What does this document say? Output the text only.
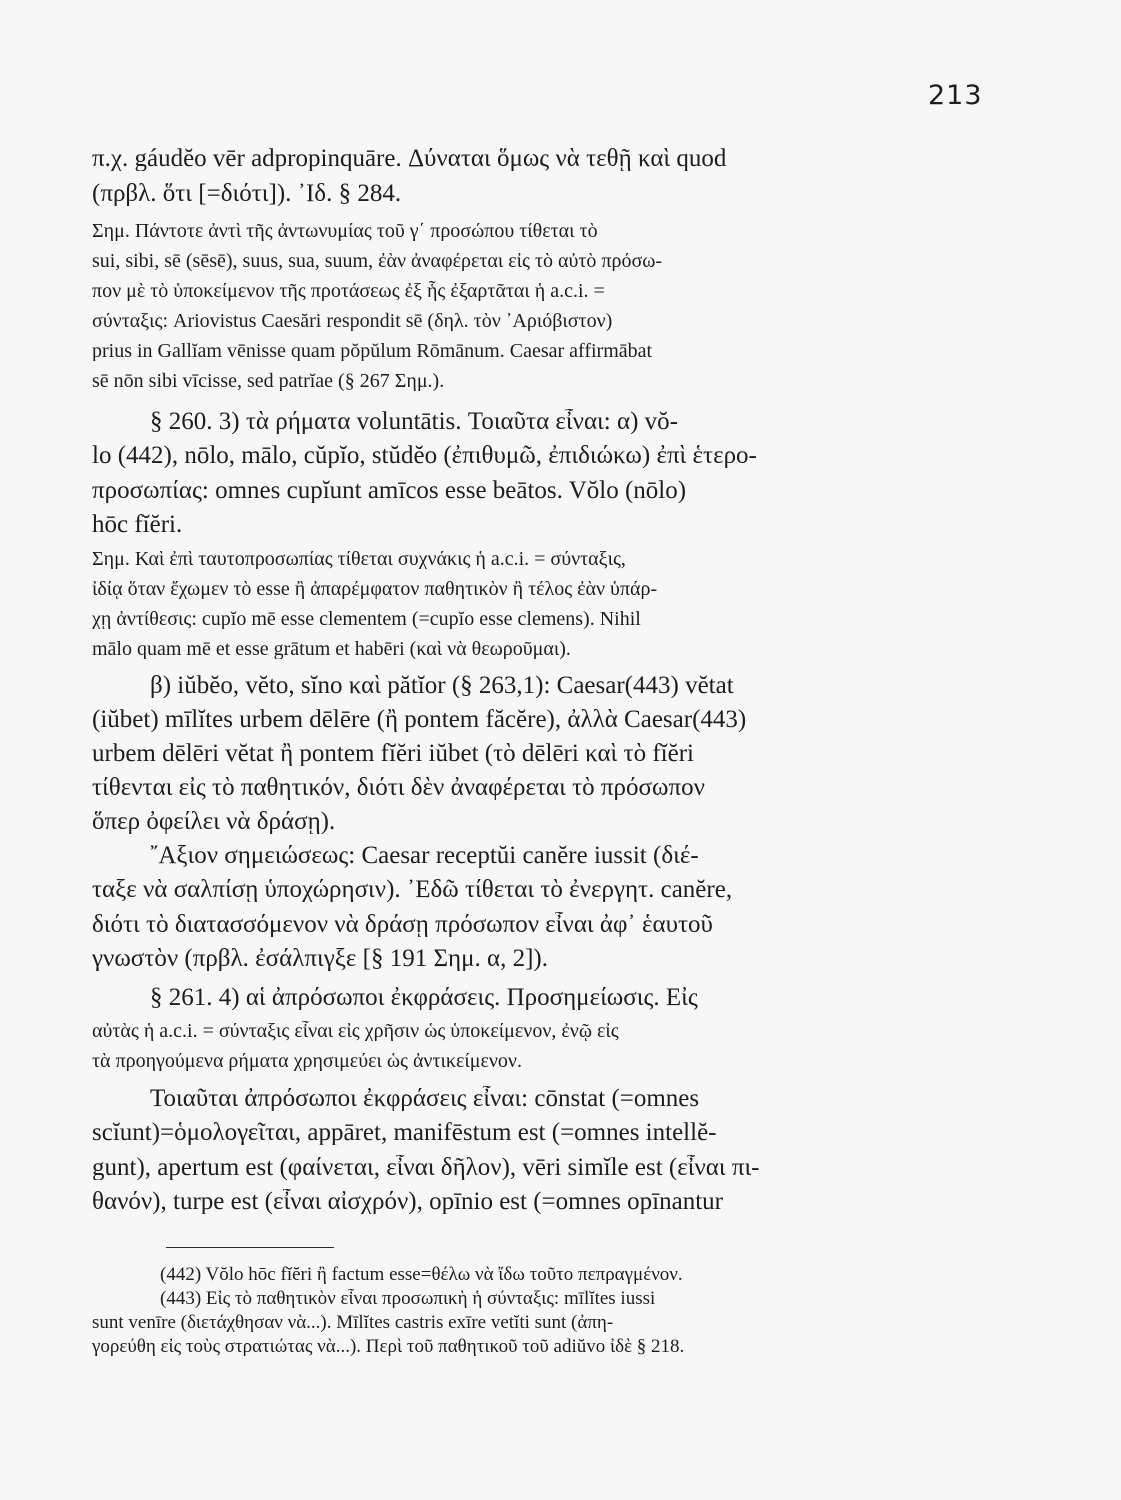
213
π.χ. gáudĕo vēr adpropinquāre. Δύναται ὅμως νὰ τεθῇ καὶ quod
(πρβλ. ὅτι [=διότι]). ᾿Ιδ. § 284.
Σημ. Πάντοτε ἀντὶ τῆς ἀντωνυμίας τοῦ γ΄ προσώπου τίθεται τὸ
sui, sibi, sē (sēsē), suus, sua, suum, ἐὰν ἀναφέρεται εἰς τὸ αὐτὸ πρόσω-
πον μὲ τὸ ὑποκείμενον τῆς προτάσεως ἐξ ἧς ἐξαρτᾶται ἡ a.c.i. =
σύνταξις: Ariovistus Caesări respondit sē (δηλ. τὸν ᾿Αριόβιστον)
prius in Gallĭam vēnisse quam pŏpŭlum Rōmānum. Caesar affirmābat
sē nōn sibi vīcisse, sed patrĭae (§ 267 Σημ.).
§ 260. 3) τὰ ρήματα voluntātis. Τοιαῦτα εἶναι: α) vŏ-
lo (442), nōlo, mālo, cŭpĭo, stŭdĕo (ἐπιθυμῶ, ἐπιδιώκω) ἐπὶ ἑτερο-
προσωπίας: omnes cupĭunt amīcos esse beātos. Vŏlo (nōlo)
hōc fĭĕri.
Σημ. Καὶ ἐπὶ ταυτοπροσωπίας τίθεται συχνάκις ἡ a.c.i. = σύνταξις,
ἰδίᾳ ὅταν ἔχωμεν τὸ esse ἢ ἀπαρέμφατον παθητικὸν ἢ τέλος ἐὰν ὑπάρ-
χῃ ἀντίθεσις: cupĭo mē esse clementem (=cupĭo esse clemens). Nihil
mālo quam mē et esse grātum et habēri (καὶ νὰ θεωροῦμαι).
β) iŭbĕo, vĕto, sĭno καὶ pătĭor (§ 263,1): Caesar(443) vĕtat
(iŭbet) mīlĭtes urbem dēlēre (ἢ pontem făcĕre), ἀλλὰ Caesar(443)
urbem dēlēri vĕtat ἢ pontem fĭĕri iŭbet (τὸ dēlēri καὶ τὸ fĭĕri
τίθενται εἰς τὸ παθητικόν, διότι δὲν ἀναφέρεται τὸ πρόσωπον
ὅπερ ὀφείλει νὰ δράσῃ).
῎Αξιον σημειώσεως: Caesar receptŭi canĕre iussit (διέ-
ταξε νὰ σαλπίσῃ ὑποχώρησιν). ᾿Εδῶ τίθεται τὸ ἐνεργητ. canĕre,
διότι τὸ διατασσόμενον νὰ δράσῃ πρόσωπον εἶναι ἀφ᾿ ἑαυτοῦ
γνωστὸν (πρβλ. ἐσάλπιγξε [§ 191 Σημ. α, 2]).
§ 261. 4) αἱ ἀπρόσωποι ἐκφράσεις. Προσημείωσις. Εἰς
αὐτὰς ἡ a.c.i. = σύνταξις εἶναι εἰς χρῆσιν ὡς ὑποκείμενον, ἐνῷ εἰς
τὰ προηγούμενα ρήματα χρησιμεύει ὡς ἀντικείμενον.
Τοιαῦται ἀπρόσωποι ἐκφράσεις εἶναι: cōnstat (=omnes
scĭunt)=ὁμολογεῖται, appāret, manifēstum est (=omnes intellĕ-
gunt), apertum est (φαίνεται, εἶναι δῆλον), vēri simĭle est (εἶναι πι-
θανόν), turpe est (εἶναι αἰσχρόν), opīnio est (=omnes opīnantur
(442) Vŏlo hōc fĭĕri ἢ factum esse=θέλω νὰ ἴδω τοῦτο πεπραγμένον.
(443) Εἰς τὸ παθητικὸν εἶναι προσωπικὴ ἡ σύνταξις: mīlĭtes iussi
sunt venīre (διετάχθησαν νὰ...). Mīlĭtes castris exīre vetĭti sunt (ἀπη-
γορεύθη εἰς τοὺς στρατιώτας νὰ...). Περὶ τοῦ παθητικοῦ τοῦ adiŭvo ἰδὲ § 218.
